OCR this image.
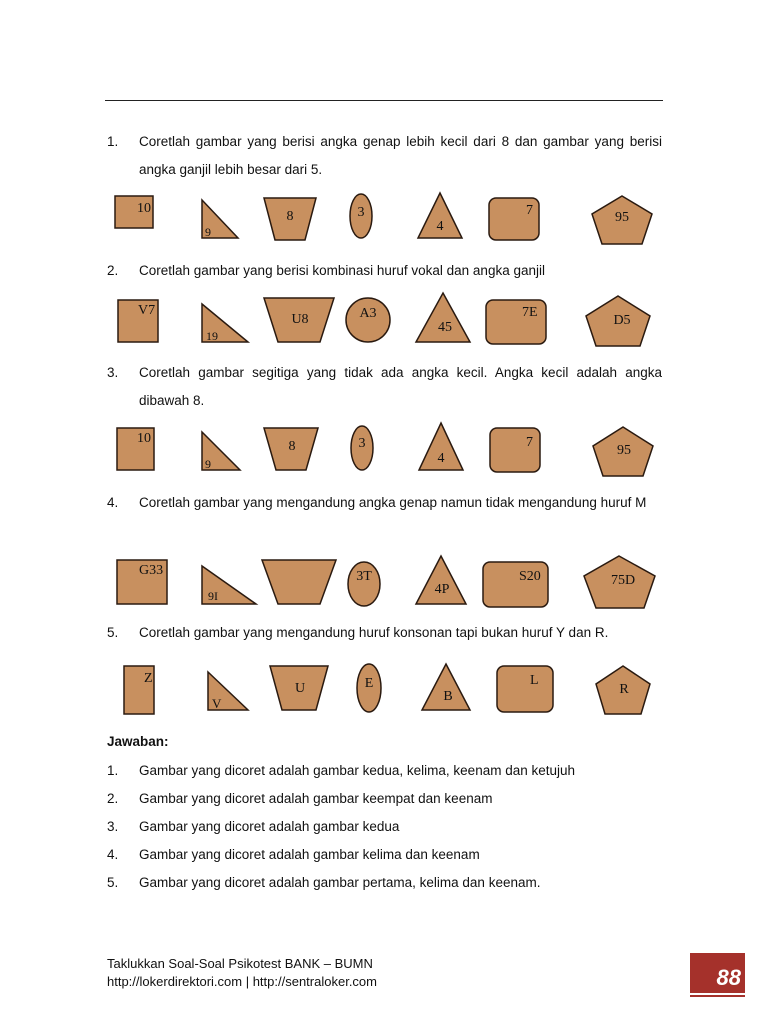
1. Coretlah gambar yang berisi angka genap lebih kecil dari 8 dan gambar yang berisi angka ganjil lebih besar dari 5.
10
9
8	3
4
7	95
2. Coretlah gambar yang berisi kombinasi huruf vokal dan angka ganjil
V7
19
U8	A3
45
7E
D5
3. Coretlah gambar segitiga yang tidak ada angka kecil. Angka kecil adalah angka dibawah 8.
10
9
8	3
4
7
95
4. Coretlah gambar yang mengandung angka genap namun tidak mengandung huruf M
G33
9I
3T
4P
S20	75D
5. Coretlah gambar yang mengandung huruf konsonan tapi bukan huruf Y dan R.
Z
V
U	E
B
L
R
Jawaban:
1. Gambar yang dicoret adalah gambar kedua, kelima, keenam dan ketujuh
2. Gambar yang dicoret adalah gambar keempat dan keenam
3. Gambar yang dicoret adalah gambar kedua
4. Gambar yang dicoret adalah gambar kelima dan keenam
5. Gambar yang dicoret adalah gambar pertama, kelima dan keenam.
Taklukkan Soal-Soal Psikotest BANK – BUMN
http://lokerdirektori.com | http://sentraloker.com	88
